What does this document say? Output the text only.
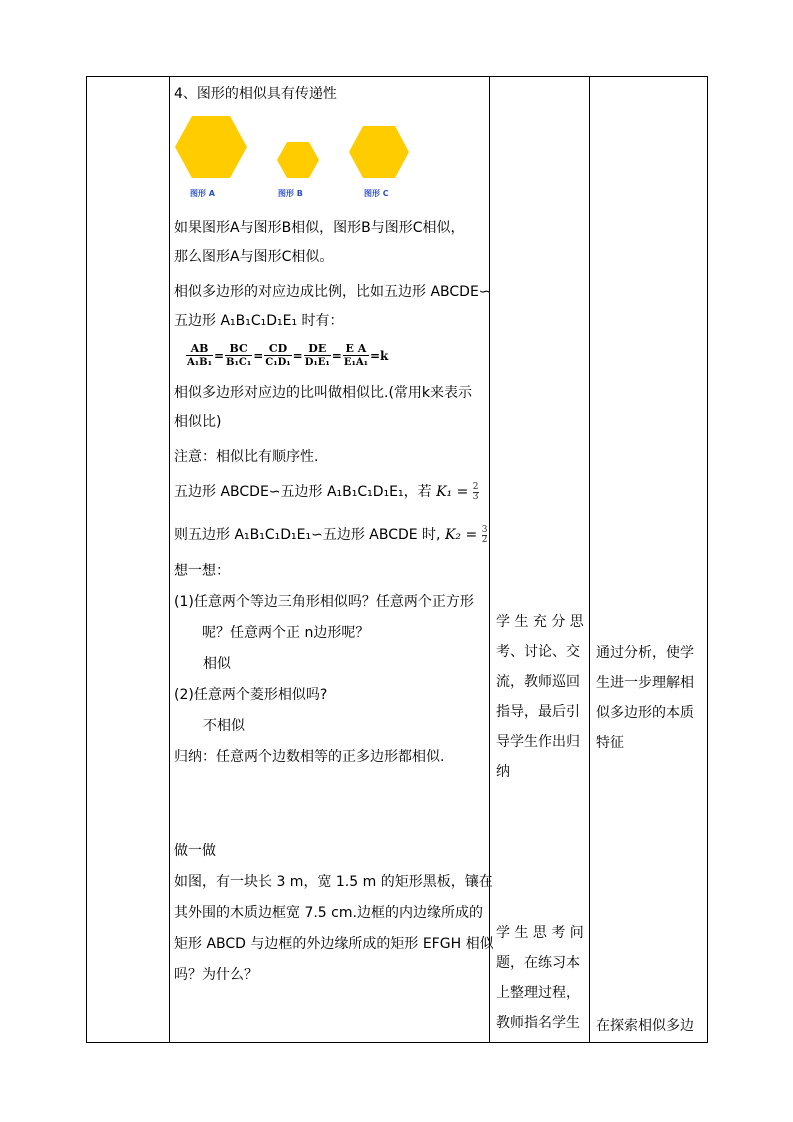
4、图形的相似具有传递性
图形 A	图形 B	图形 C
如果图形A与图形B相似，图形B与图形C相似，
那么图形A与图形C相似。
相似多边形的对应边成比例，比如五边形 ABCDE∽
五边形 A₁B₁C₁D₁E₁ 时有：
$\frac{AB}{\text{A₁B₁}} = \frac{BC}{\text{B₁C₁}} = \frac{CD}{\text{C₁D₁}} = \frac{DE}{\text{D₁E₁}} = \frac{\text{E A}}{\text{E₁A₁}} =k$
相似多边形对应边的比叫做相似比.(常用k来表示
相似比)
注意：相似比有顺序性.
五边形 ABCDE∽五边形 A₁B₁C₁D₁E₁，若 $K_1 = \frac{2}{3}$
则五边形 A₁B₁C₁D₁E₁∽五边形 ABCDE 时, $K_2 = \frac{3}{2}$
想一想：
(1)任意两个等边三角形相似吗？任意两个正方形
呢？任意两个正 n边形呢？
相似
(2)任意两个菱形相似吗?
不相似
归纳：任意两个边数相等的正多边形都相似.
做一做
如图，有一块长 3 m，宽 1.5 m 的矩形黑板，镶在
其外围的木质边框宽 7.5 cm.边框的内边缘所成的
矩形 ABCD 与边框的外边缘所成的矩形 EFGH 相似
吗？为什么？
学 生 充 分 思
考、讨论、交
流，教师巡回
指导，最后引
导学生作出归
纳
学 生 思 考 问
题，在练习本
上整理过程，
教师指名学生
通过分析，使学
生进一步理解相
似多边形的本质
特征
在探索相似多边
